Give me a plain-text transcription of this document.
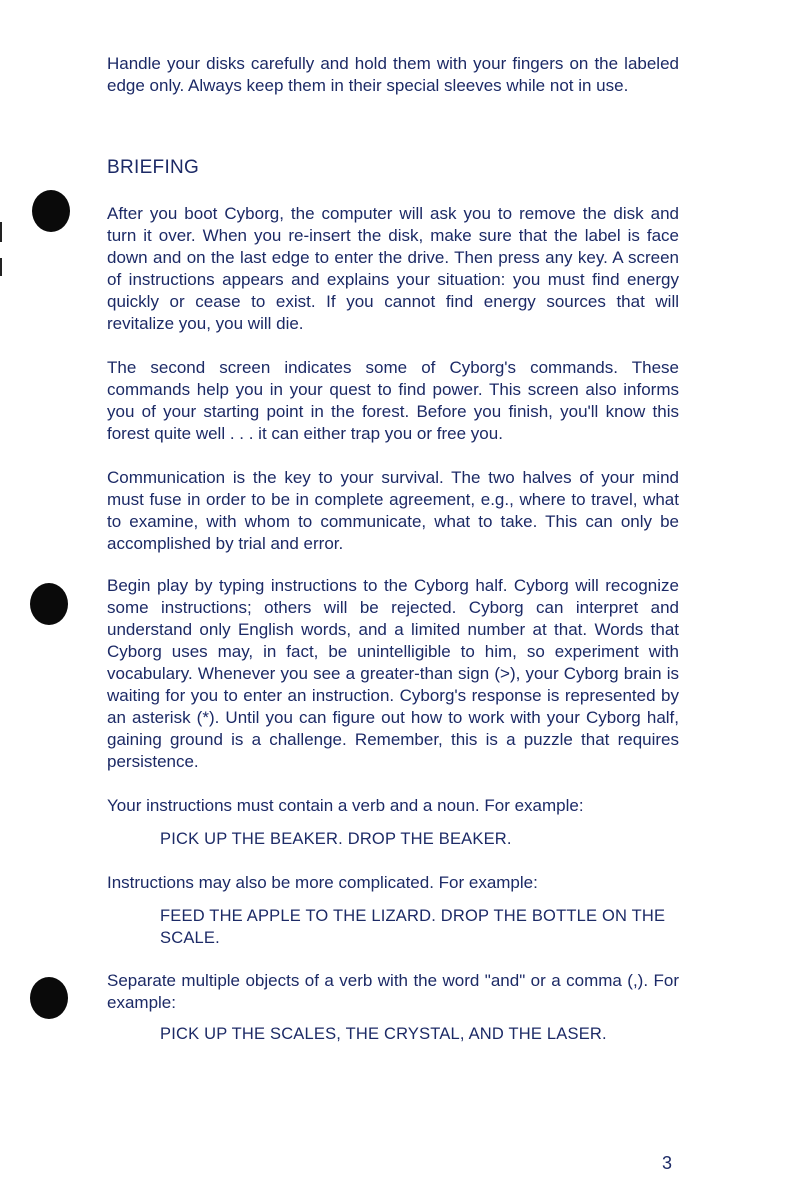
Handle your disks carefully and hold them with your fingers on the labeled edge only. Always keep them in their special sleeves while not in use.

BRIEFING

After you boot Cyborg, the computer will ask you to remove the disk and turn it over. When you re-insert the disk, make sure that the label is face down and on the last edge to enter the drive. Then press any key. A screen of instructions appears and explains your situation: you must find energy quickly or cease to exist. If you cannot find energy sources that will revitalize you, you will die.

The second screen indicates some of Cyborg's commands. These commands help you in your quest to find power. This screen also informs you of your starting point in the forest. Before you finish, you'll know this forest quite well . . . it can either trap you or free you.

Communication is the key to your survival. The two halves of your mind must fuse in order to be in complete agreement, e.g., where to travel, what to examine, with whom to communicate, what to take. This can only be accomplished by trial and error.

Begin play by typing instructions to the Cyborg half. Cyborg will recognize some instructions; others will be rejected. Cyborg can interpret and understand only English words, and a limited number at that. Words that Cyborg uses may, in fact, be unintelligible to him, so experiment with vocabulary. Whenever you see a greater-than sign (>), your Cyborg brain is waiting for you to enter an instruction. Cyborg's response is represented by an asterisk (*). Until you can figure out how to work with your Cyborg half, gaining ground is a challenge. Remember, this is a puzzle that requires persistence.

Your instructions must contain a verb and a noun. For example:

PICK UP THE BEAKER. DROP THE BEAKER.

Instructions may also be more complicated. For example:

FEED THE APPLE TO THE LIZARD. DROP THE BOTTLE ON THE SCALE.

Separate multiple objects of a verb with the word "and" or a comma (,). For example:

PICK UP THE SCALES, THE CRYSTAL, AND THE LASER.

3
